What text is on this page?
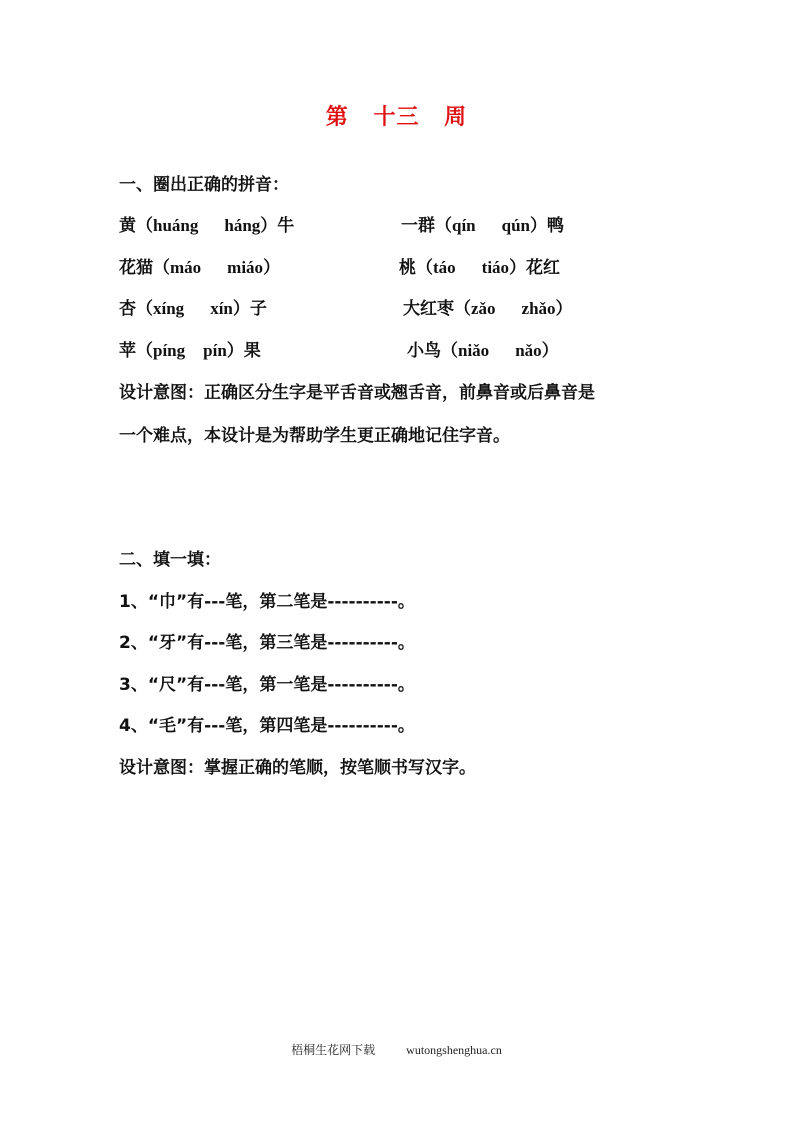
第 十三 周
一、圈出正确的拼音：
黄（huáng háng）牛	一群（qín qún）鸭
花猫（máo miáo）	桃（táo tiáo）花红
杏（xíng xín）子	大红枣（zǎo zhǎo）
苹（píng pín）果	小鸟（niǎo nǎo）
设计意图：正确区分生字是平舌音或翘舌音，前鼻音或后鼻音是
一个难点，本设计是为帮助学生更正确地记住字音。
二、填一填：
1、“巾”有---笔，第二笔是----------。
2、“牙”有---笔，第三笔是----------。
3、“尺”有---笔，第一笔是----------。
4、“毛”有---笔，第四笔是----------。
设计意图：掌握正确的笔顺，按笔顺书写汉字。
梧桐生花网下载	wutongshenghua.cn
